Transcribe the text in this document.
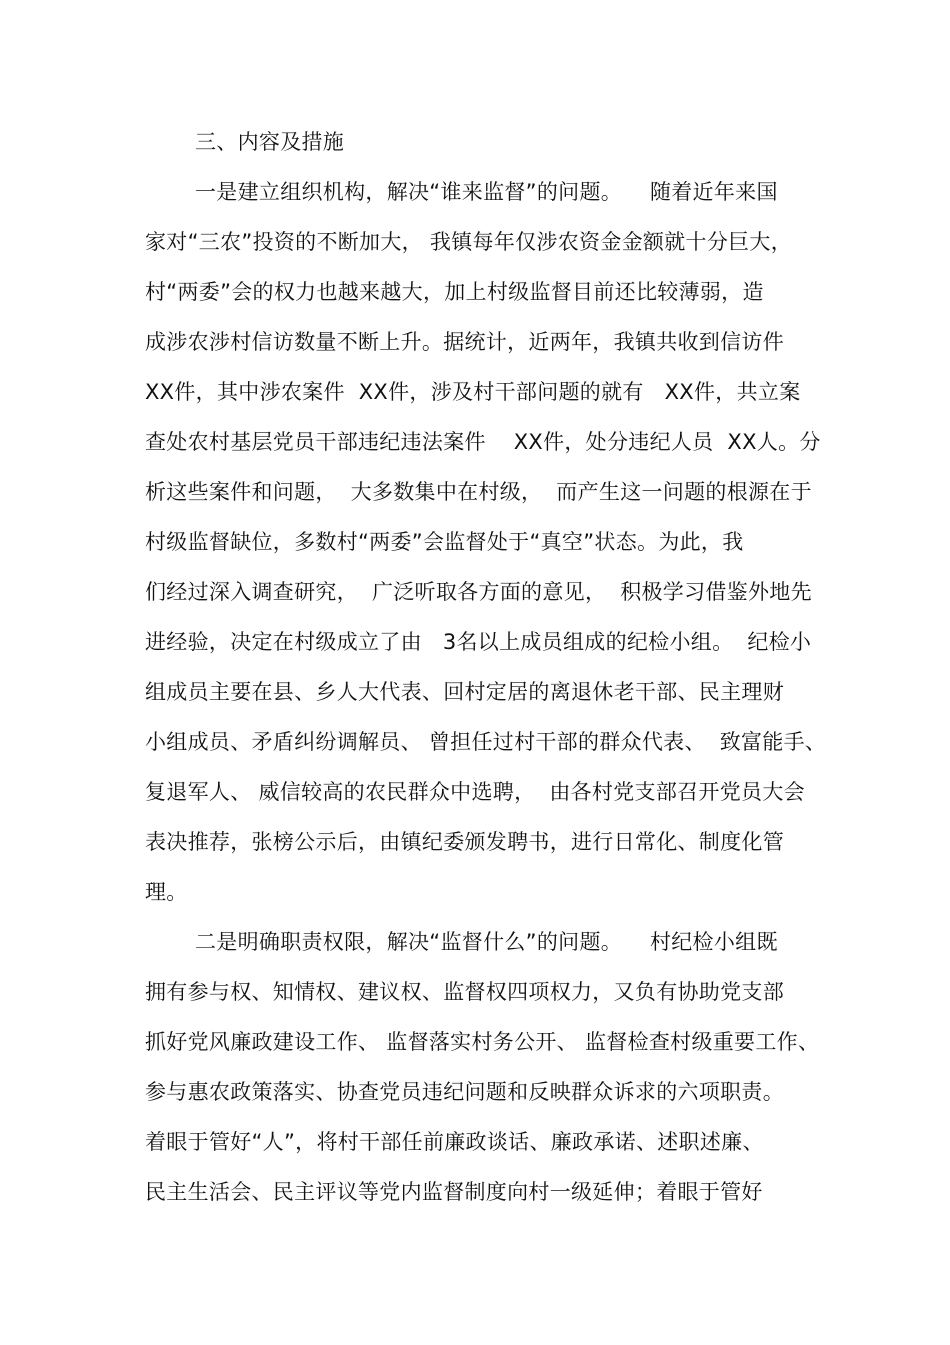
三、内容及措施
一是建立组织机构，解决“谁来监督”的问题。    随着近年来国
家对“三农”投资的不断加大， 我镇每年仅涉农资金金额就十分巨大，
村“两委”会的权力也越来越大，加上村级监督目前还比较薄弱，造
成涉农涉村信访数量不断上升。据统计，近两年，我镇共收到信访件
XX件，其中涉农案件  XX件，涉及村干部问题的就有   XX件，共立案
查处农村基层党员干部违纪违法案件    XX件，处分违纪人员  XX人。分
析这些案件和问题，  大多数集中在村级，  而产生这一问题的根源在于
村级监督缺位，多数村“两委”会监督处于“真空”状态。为此，我
们经过深入调查研究，  广泛听取各方面的意见，  积极学习借鉴外地先
进经验，决定在村级成立了由   3名以上成员组成的纪检小组。  纪检小
组成员主要在县、乡人大代表、回村定居的离退休老干部、民主理财
小组成员、矛盾纠纷调解员、 曾担任过村干部的群众代表、  致富能手、
复退军人、 威信较高的农民群众中选聘，  由各村党支部召开党员大会
表决推荐，张榜公示后，由镇纪委颁发聘书，进行日常化、制度化管
理。
二是明确职责权限，解决“监督什么”的问题。    村纪检小组既
拥有参与权、知情权、建议权、监督权四项权力，又负有协助党支部
抓好党风廉政建设工作、 监督落实村务公开、 监督检查村级重要工作、
参与惠农政策落实、协查党员违纪问题和反映群众诉求的六项职责。
着眼于管好“人”，将村干部任前廉政谈话、廉政承诺、述职述廉、
民主生活会、民主评议等党内监督制度向村一级延伸；着眼于管好
